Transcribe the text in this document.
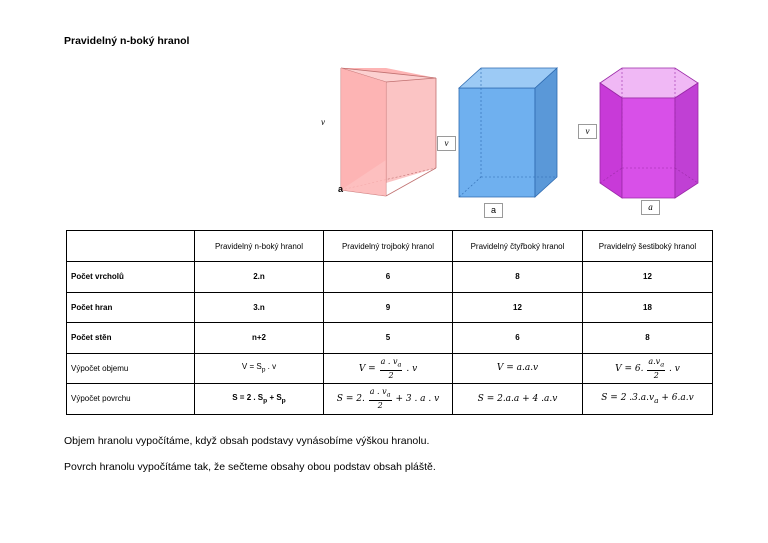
Pravidelný n-boký hranol
v
a
v
a
v
a
	Pravidelný n-boký hranol	Pravidelný trojboký hranol	Pravidelný čtyřboký hranol	Pravidelný šestiboký hranol
Počet vrcholů	2.n	6	8	12
Počet hran	3.n	9	12	18
Počet stěn	n+2	5	6	8
Výpočet objemu	$V = S_p$ . v	$V = \frac{a . v_a}{2}$ . v	V = a.a.v	V = 6. $\frac{a.v_a}{2}$ . v
Výpočet povrchu	S = 2 . $S_p + S_p$	S = 2. $\frac{a . v_a}{2} + 3$ . a . v	S = 2.a.a + 4 .a.v	S = 2 $.3.a.v_a + 6.a.v$
Objem hranolu vypočítáme, když obsah podstavy vynásobíme výškou hranolu.
Povrch hranolu vypočítáme tak, že sečteme obsahy obou podstav obsah pláště.
